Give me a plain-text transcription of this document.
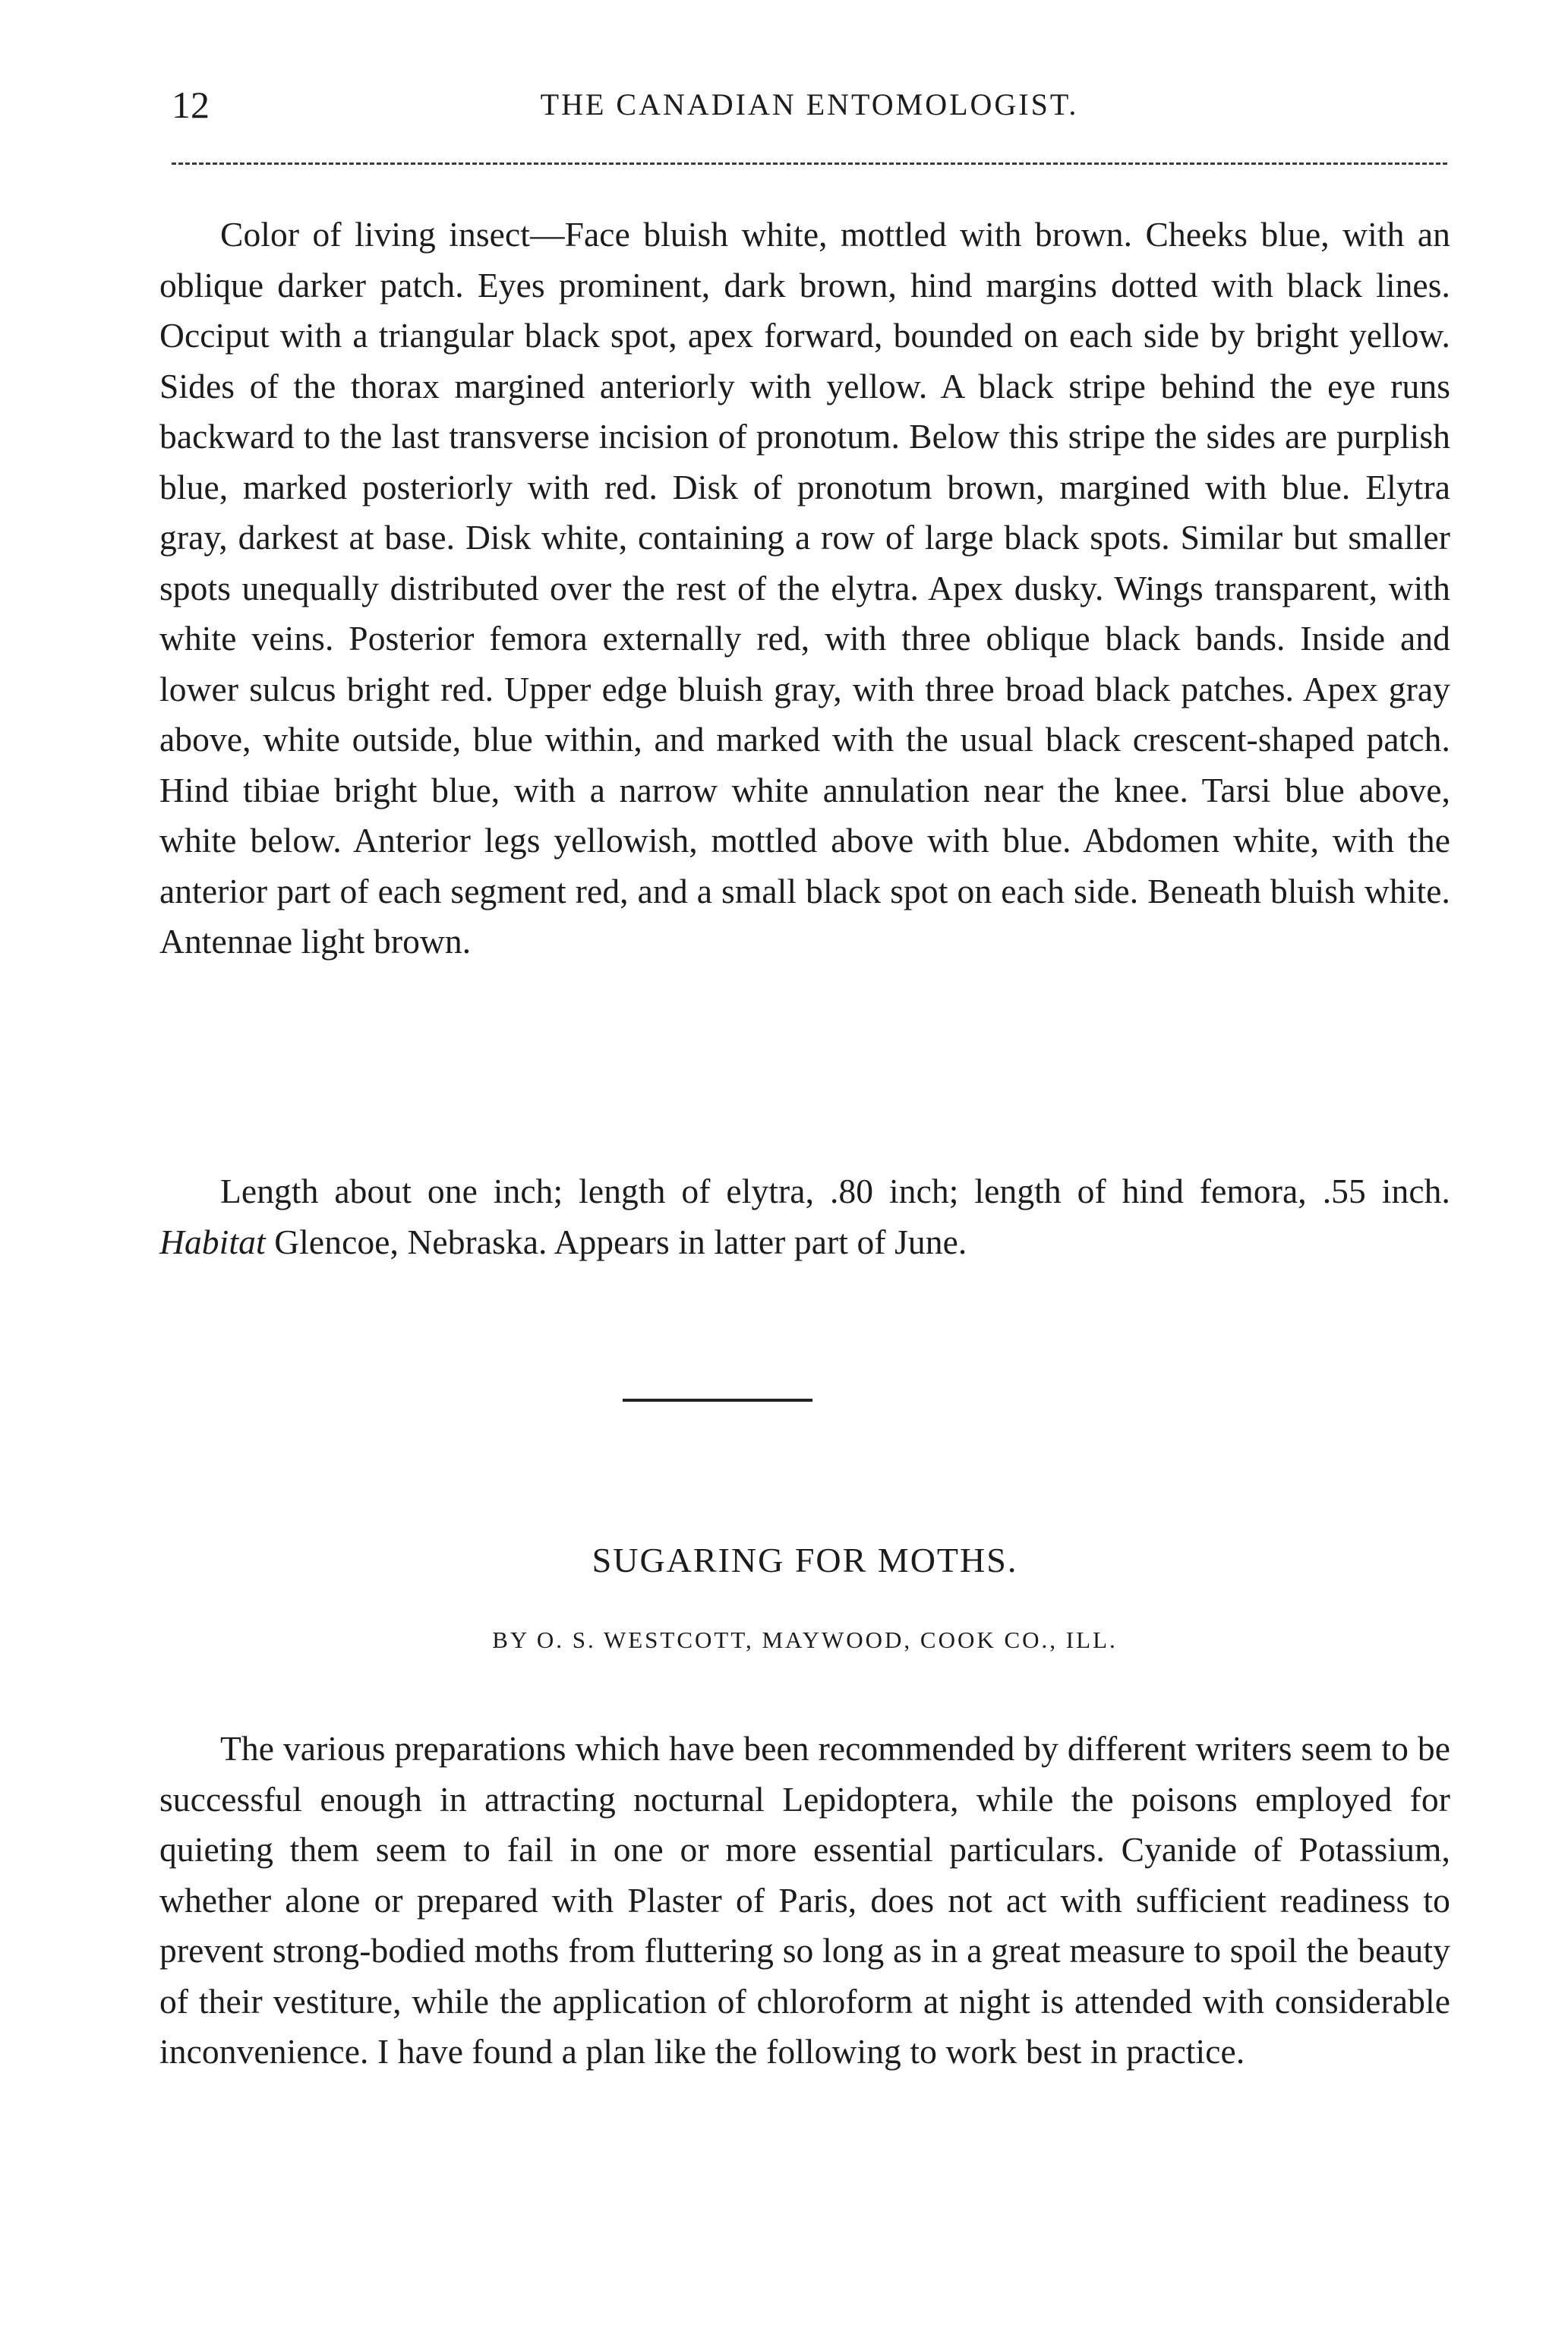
12	THE CANADIAN ENTOMOLOGIST.

Color of living insect—Face bluish white, mottled with brown. Cheeks blue, with an oblique darker patch. Eyes prominent, dark brown, hind margins dotted with black lines. Occiput with a triangular black spot, apex forward, bounded on each side by bright yellow. Sides of the thorax margined anteriorly with yellow. A black stripe behind the eye runs backward to the last transverse incision of pronotum. Below this stripe the sides are purplish blue, marked posteriorly with red. Disk of pronotum brown, margined with blue. Elytra gray, darkest at base. Disk white, containing a row of large black spots. Similar but smaller spots unequally distributed over the rest of the elytra. Apex dusky. Wings transparent, with white veins. Posterior femora externally red, with three oblique black bands. Inside and lower sulcus bright red. Upper edge bluish gray, with three broad black patches. Apex gray above, white outside, blue within, and marked with the usual black crescent-shaped patch. Hind tibiae bright blue, with a narrow white annulation near the knee. Tarsi blue above, white below. Anterior legs yellowish, mottled above with blue. Abdomen white, with the anterior part of each segment red, and a small black spot on each side. Beneath bluish white. Antennae light brown.

Length about one inch; length of elytra, .80 inch; length of hind femora, .55 inch. Habitat Glencoe, Nebraska. Appears in latter part of June.

SUGARING FOR MOTHS.
BY O. S. WESTCOTT, MAYWOOD, COOK CO., ILL.

The various preparations which have been recommended by different writers seem to be successful enough in attracting nocturnal Lepidoptera, while the poisons employed for quieting them seem to fail in one or more essential particulars. Cyanide of Potassium, whether alone or prepared with Plaster of Paris, does not act with sufficient readiness to prevent strong-bodied moths from fluttering so long as in a great measure to spoil the beauty of their vestiture, while the application of chloroform at night is attended with considerable inconvenience. I have found a plan like the following to work best in practice.
